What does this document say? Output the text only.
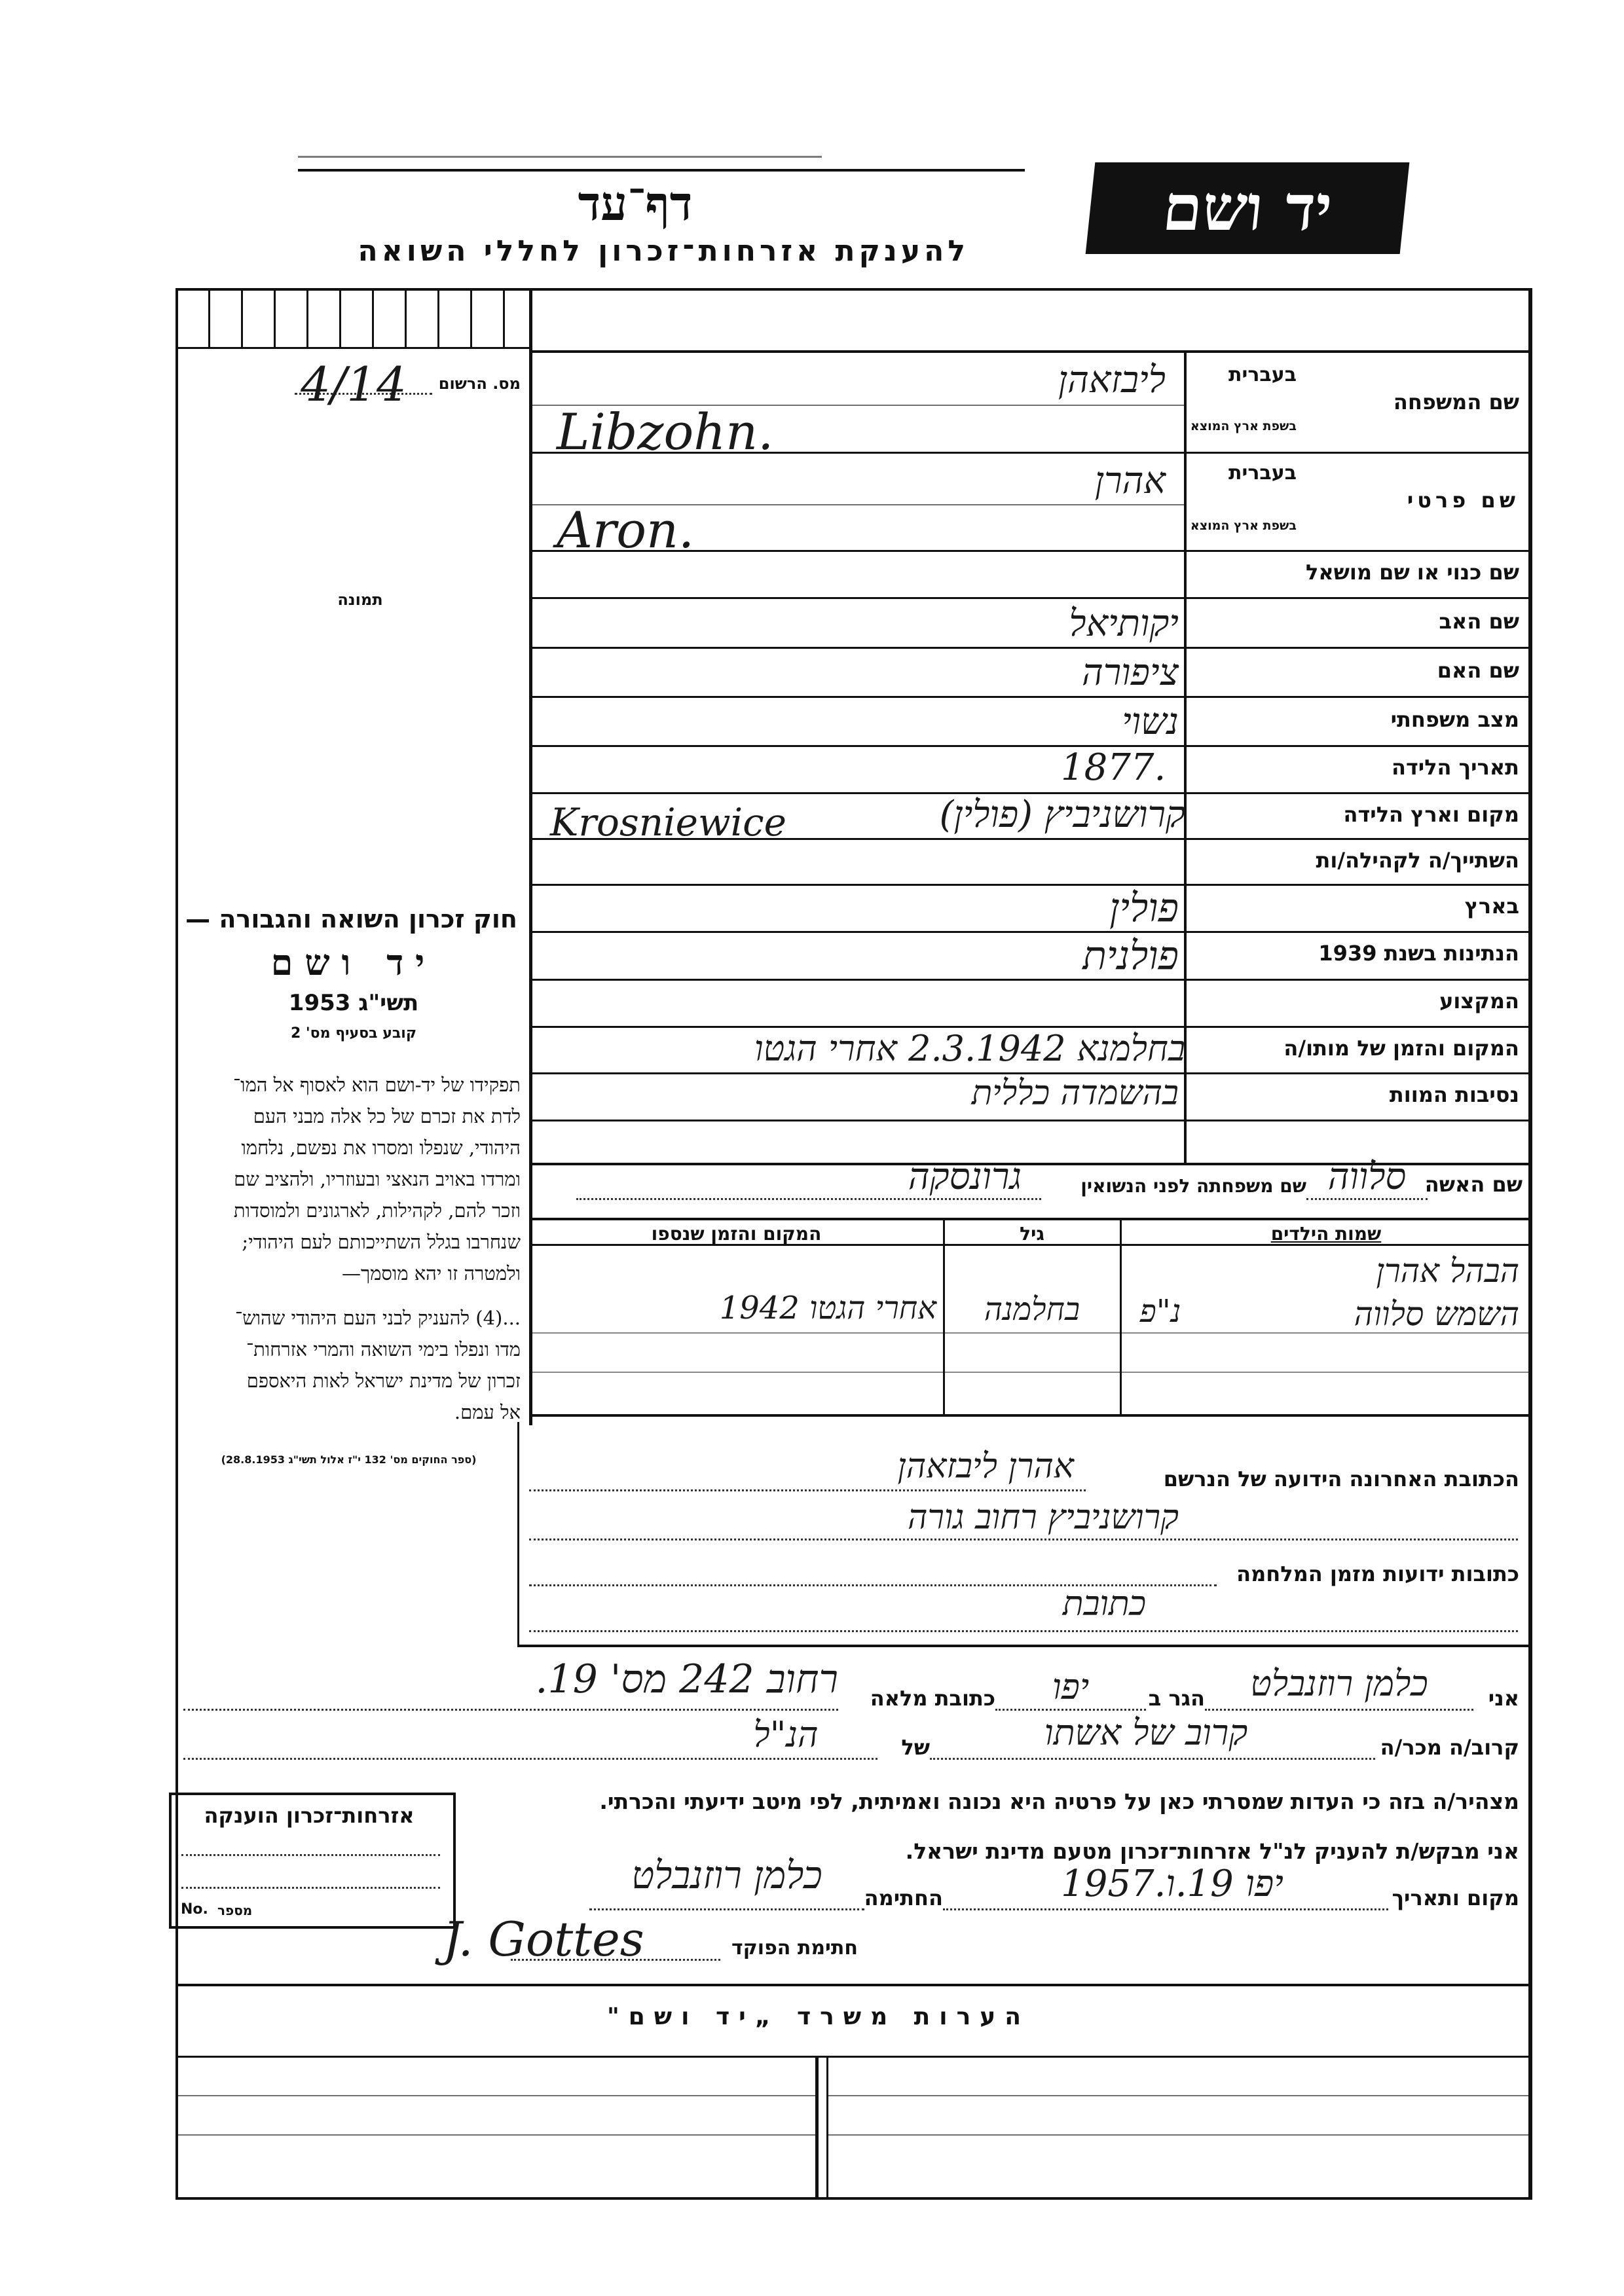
דף־עד
להענקת אזרחות־זכרון לחללי השואה
יד ושם
מס. הרשום
4/14
תמונה
חוק זכרון השואה והגבורה —
יד ושם
תשי"ג 1953
קובע בסעיף מס' 2
תפקידו של יד-ושם הוא לאסוף אל המו־
לדת את זכרם של כל אלה מבני העם
היהודי, שנפלו ומסרו את נפשם, נלחמו
ומרדו באויב הנאצי ובעוזריו, ולהציב שם
וזכר להם, לקהילות, לארגונים ולמוסדות
שנחרבו בגלל השתייכותם לעם היהודי;
ולמטרה זו יהא מוסמך—
...(4) להעניק לבני העם היהודי שהוש־
מדו ונפלו בימי השואה והמרי אזרחות־
זכרון של מדינת ישראל לאות היאספם
אל עמם.
(ספר החוקים מס' 132 י"ז אלול תשי"ג 28.8.1953)
אזרחות־זכרון הוענקה
No. מספר
שם המשפחה
בעברית
בשפת ארץ המוצא
שם פרטי
בעברית
בשפת ארץ המוצא
שם כנוי או שם מושאל
שם האב
שם האם
מצב משפחתי
תאריך הלידה
מקום וארץ הלידה
השתייך/ה לקהילה/ות
בארץ
הנתינות בשנת 1939
המקצוע
המקום והזמן של מותו/ה
נסיבות המוות
ליבזאהן
Libzohn.
אהרן
Aron.
יקותיאל
ציפורה
נשוי
1877.
קרושניביץ (פולין)
Krosniewice
פולין
פולנית
בחלמנא 2.3.1942 אחרי הגטו
בהשמדה כללית
שם האשה
סלווה
שם משפחתה לפני הנשואין
גרונסקה
שמות הילדים
גיל
המקום והזמן שנספו
הבהל אהרן
השמש סלווה
נ"פ
בחלמנה
אחרי הגטו 1942
הכתובת האחרונה הידועה של הנרשם
אהרן ליבזאהן
קרושניביץ רחוב גורה
כתובות ידועות מזמן המלחמה
כתובת
אני
כלמן רוזנבלט
הגר ב
יפו
כתובת מלאה
רחוב 242 מס' 19.
קרוב/ה מכר/ה
קרוב של אשתו
של
הנ"ל
מצהיר/ה בזה כי העדות שמסרתי כאן על פרטיה היא נכונה ואמיתית, לפי מיטב ידיעתי והכרתי.
אני מבקש/ת להעניק לנ"ל אזרחות־זכרון מטעם מדינת ישראל.
מקום ותאריך
יפו 19.ו.1957
החתימה
כלמן רוזנבלט
חתימת הפוקד
J. Gottes
הערות משרד „יד ושם"
